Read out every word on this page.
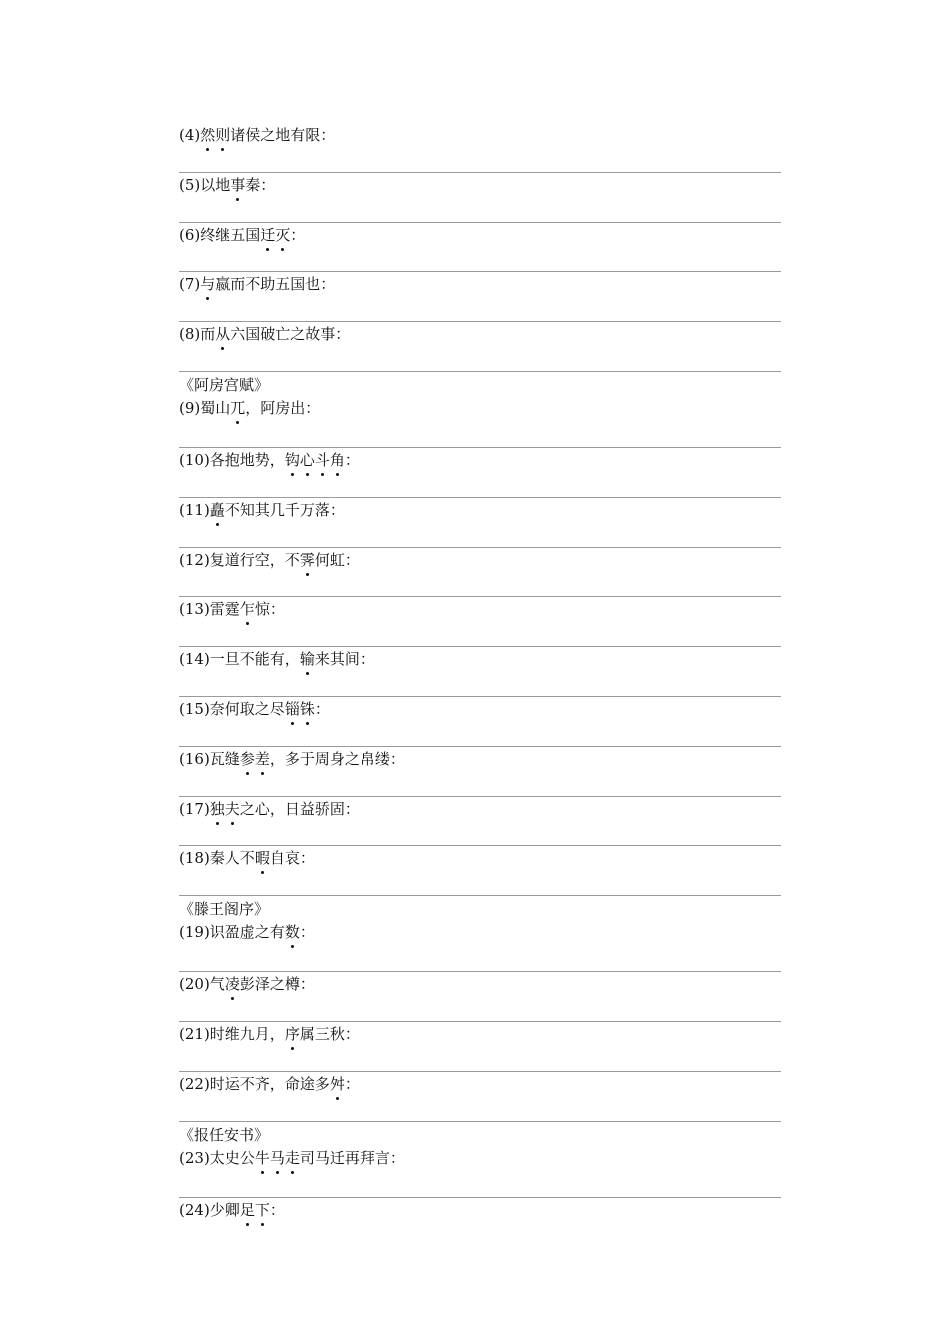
(4)然则诸侯之地有限：
(5)以地事秦：
(6)终继五国迁灭：
(7)与嬴而不助五国也：
(8)而从六国破亡之故事：
《阿房宫赋》
(9)蜀山兀，阿房出：
(10)各抱地势，钩心斗角：
(11)矗不知其几千万落：
(12)复道行空，不霁何虹：
(13)雷霆乍惊：
(14)一旦不能有，输来其间：
(15)奈何取之尽锱铢：
(16)瓦缝参差，多于周身之帛缕：
(17)独夫之心，日益骄固：
(18)秦人不暇自哀：
《滕王阁序》
(19)识盈虚之有数：
(20)气凌彭泽之樽：
(21)时维九月，序属三秋：
(22)时运不齐，命途多舛：
《报任安书》
(23)太史公牛马走司马迁再拜言：
(24)少卿足下：
